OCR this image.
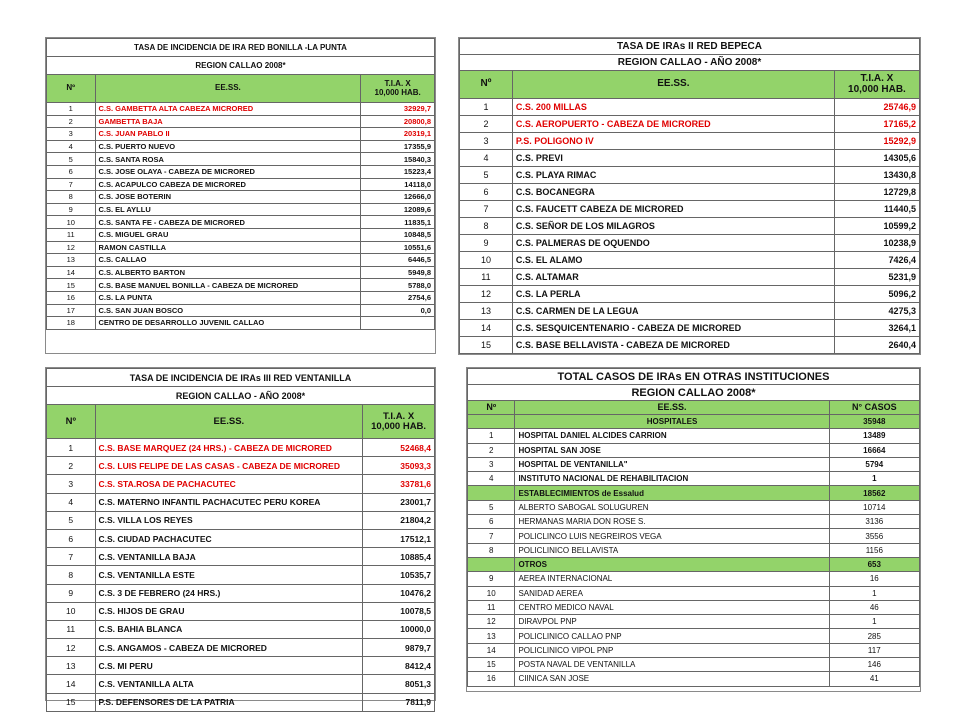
TASA DE INCIDENCIA DE IRA RED BONILLA -LA PUNTA		
REGION CALLAO 2008*		
Nº	EE.SS.	T.I.A. X
10,000 HAB.
1	C.S. GAMBETTA ALTA CABEZA MICRORED	32929,7
2	GAMBETTA BAJA	20800,8
3	C.S. JUAN PABLO II	20319,1
4	C.S. PUERTO NUEVO	17355,9
5	C.S. SANTA ROSA	15840,3
6	C.S. JOSE OLAYA - CABEZA DE MICRORED	15223,4
7	C.S. ACAPULCO CABEZA DE MICRORED	14118,0
8	C.S. JOSE BOTERIN	12666,0
9	C.S. EL AYLLU	12089,6
10	C.S. SANTA FE - CABEZA DE MICRORED	11835,1
11	C.S. MIGUEL GRAU	10848,5
12	RAMON CASTILLA	10551,6
13	C.S. CALLAO	6446,5
14	C.S. ALBERTO BARTON	5949,8
15	C.S. BASE MANUEL BONILLA - CABEZA DE MICRORED	5788,0
16	C.S. LA PUNTA	2754,6
17	C.S. SAN JUAN BOSCO	0,0
18	CENTRO DE DESARROLLO JUVENIL CALLAO	
TASA DE IRAs II RED BEPECA		
REGION CALLAO - AÑO 2008*		
Nº	EE.SS.	T.I.A. X
10,000 HAB.
1	C.S. 200 MILLAS	25746,9
2	C.S. AEROPUERTO - CABEZA DE MICRORED	17165,2
3	P.S. POLIGONO IV	15292,9
4	C.S. PREVI	14305,6
5	C.S. PLAYA RIMAC	13430,8
6	C.S. BOCANEGRA	12729,8
7	C.S. FAUCETT CABEZA DE MICRORED	11440,5
8	C.S. SEÑOR DE LOS MILAGROS	10599,2
9	C.S. PALMERAS DE OQUENDO	10238,9
10	C.S. EL ALAMO	7426,4
11	C.S. ALTAMAR	5231,9
12	C.S. LA PERLA	5096,2
13	C.S. CARMEN DE LA LEGUA	4275,3
14	C.S. SESQUICENTENARIO - CABEZA DE MICRORED	3264,1
15	C.S. BASE BELLAVISTA - CABEZA DE MICRORED	2640,4
TASA DE INCIDENCIA DE IRAs III RED VENTANILLA		
REGION CALLAO - AÑO 2008*		
Nº	EE.SS.	T.I.A. X
10,000 HAB.
1	C.S. BASE MARQUEZ (24 HRS.) - CABEZA DE MICRORED	52468,4
2	C.S. LUIS FELIPE DE LAS CASAS - CABEZA DE MICRORED	35093,3
3	C.S. STA.ROSA DE PACHACUTEC	33781,6
4	C.S. MATERNO INFANTIL PACHACUTEC PERU KOREA	23001,7
5	C.S. VILLA LOS REYES	21804,2
6	C.S. CIUDAD PACHACUTEC	17512,1
7	C.S. VENTANILLA BAJA	10885,4
8	C.S. VENTANILLA ESTE	10535,7
9	C.S. 3 DE FEBRERO (24 HRS.)	10476,2
10	C.S. HIJOS DE GRAU	10078,5
11	C.S. BAHIA BLANCA	10000,0
12	C.S. ANGAMOS - CABEZA DE MICRORED	9879,7
13	C.S. MI PERU	8412,4
14	C.S. VENTANILLA ALTA	8051,3
15	P.S. DEFENSORES DE LA PATRIA	7811,9
TOTAL CASOS DE IRAs EN OTRAS INSTITUCIONES		
REGION CALLAO 2008*		
Nº	EE.SS.	N° CASOS
	HOSPITALES	35948
1	HOSPITAL DANIEL ALCIDES CARRION	13489
2	HOSPITAL SAN JOSE	16664
3	HOSPITAL DE VENTANILLA"	5794
4	INSTITUTO NACIONAL DE REHABILITACION	1
	ESTABLECIMIENTOS de Essalud	18562
5	ALBERTO SABOGAL SOLUGUREN	10714
6	HERMANAS MARIA DON ROSE S.	3136
7	POLICLINCO LUIS NEGREIROS VEGA	3556
8	POLICLINICO BELLAVISTA	1156
	OTROS	653
9	AEREA INTERNACIONAL	16
10	SANIDAD AEREA	1
11	CENTRO MEDICO NAVAL	46
12	DIRAVPOL PNP	1
13	POLICLINICO CALLAO PNP	285
14	POLICLINICO VIPOL PNP	117
15	POSTA NAVAL DE VENTANILLA	146
16	CIINICA SAN JOSE	41
